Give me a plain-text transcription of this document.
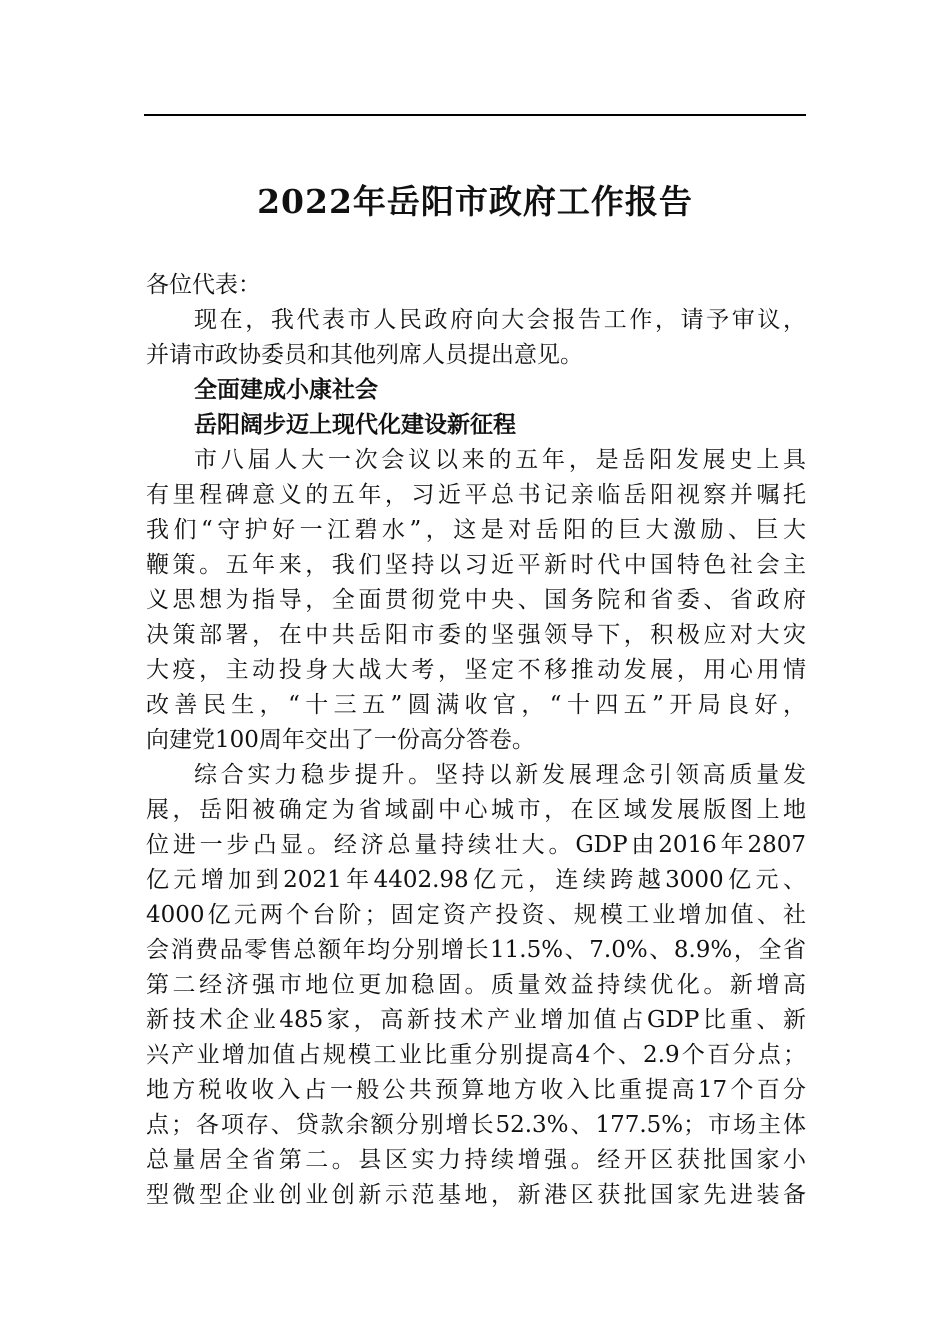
2022年岳阳市政府工作报告
各位代表：
现在，我代表市人民政府向大会报告工作，请予审议，
并请市政协委员和其他列席人员提出意见。
全面建成小康社会
岳阳阔步迈上现代化建设新征程
市八届人大一次会议以来的五年，是岳阳发展史上具
有里程碑意义的五年，习近平总书记亲临岳阳视察并嘱托
我们“守护好一江碧水”，这是对岳阳的巨大激励、巨大
鞭策。五年来，我们坚持以习近平新时代中国特色社会主
义思想为指导，全面贯彻党中央、国务院和省委、省政府
决策部署，在中共岳阳市委的坚强领导下，积极应对大灾
大疫，主动投身大战大考，坚定不移推动发展，用心用情
改善民生，“十三五”圆满收官，“十四五”开局良好，
向建党100周年交出了一份高分答卷。
综合实力稳步提升。坚持以新发展理念引领高质量发
展，岳阳被确定为省域副中心城市，在区域发展版图上地
位进一步凸显。经济总量持续壮大。GDP由2016年2807
亿元增加到2021年4402.98亿元，连续跨越3000亿元、
4000亿元两个台阶；固定资产投资、规模工业增加值、社
会消费品零售总额年均分别增长11.5%、7.0%、8.9%，全省
第二经济强市地位更加稳固。质量效益持续优化。新增高
新技术企业485家，高新技术产业增加值占GDP比重、新
兴产业增加值占规模工业比重分别提高4个、2.9个百分点；
地方税收收入占一般公共预算地方收入比重提高17个百分
点；各项存、贷款余额分别增长52.3%、177.5%；市场主体
总量居全省第二。县区实力持续增强。经开区获批国家小
型微型企业创业创新示范基地，新港区获批国家先进装备
